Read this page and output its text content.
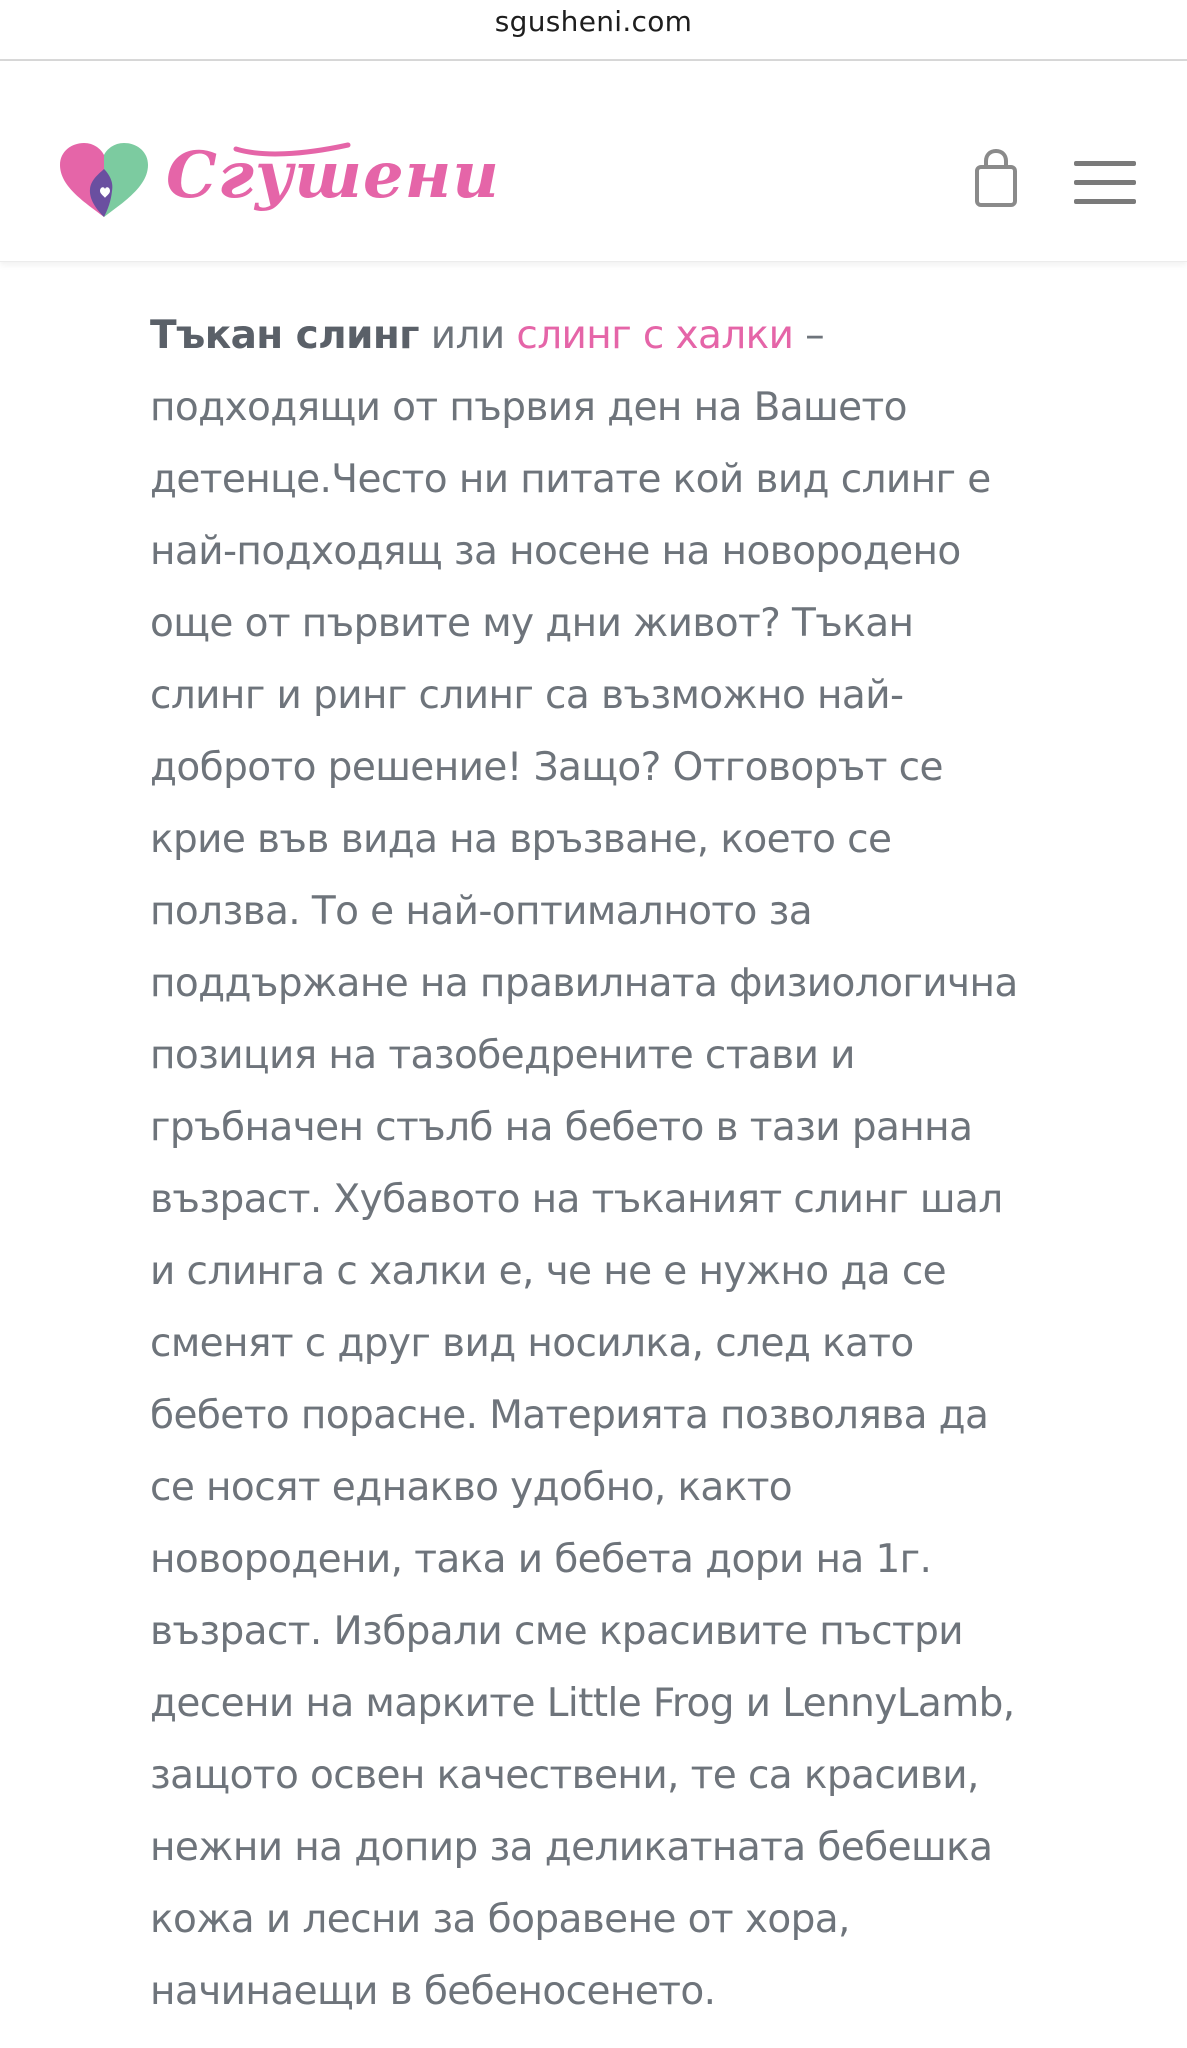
sgusheni.com
Сгушени
Тъкан слинг или слинг с халки –
подходящи от първия ден на Вашето
детенце.Често ни питате кой вид слинг е
най-подходящ за носене на новородено
още от първите му дни живот? Тъкан
слинг и ринг слинг са възможно най-
доброто решение! Защо? Отговорът се
крие във вида на връзване, което се
ползва. То е най-оптималното за
поддържане на правилната физиологична
позиция на тазобедрените стави и
гръбначен стълб на бебето в тази ранна
възраст. Хубавото на тъканият слинг шал
и слинга с халки е, че не е нужно да се
сменят с друг вид носилка, след като
бебето порасне. Материята позволява да
се носят еднакво удобно, както
новородени, така и бебета дори на 1г.
възраст. Избрали сме красивите пъстри
десени на марките Little Frog и LennyLamb,
защото освен качествени, те са красиви,
нежни на допир за деликатната бебешка
кожа и лесни за боравене от хора,
начинаещи в бебеносенето.
